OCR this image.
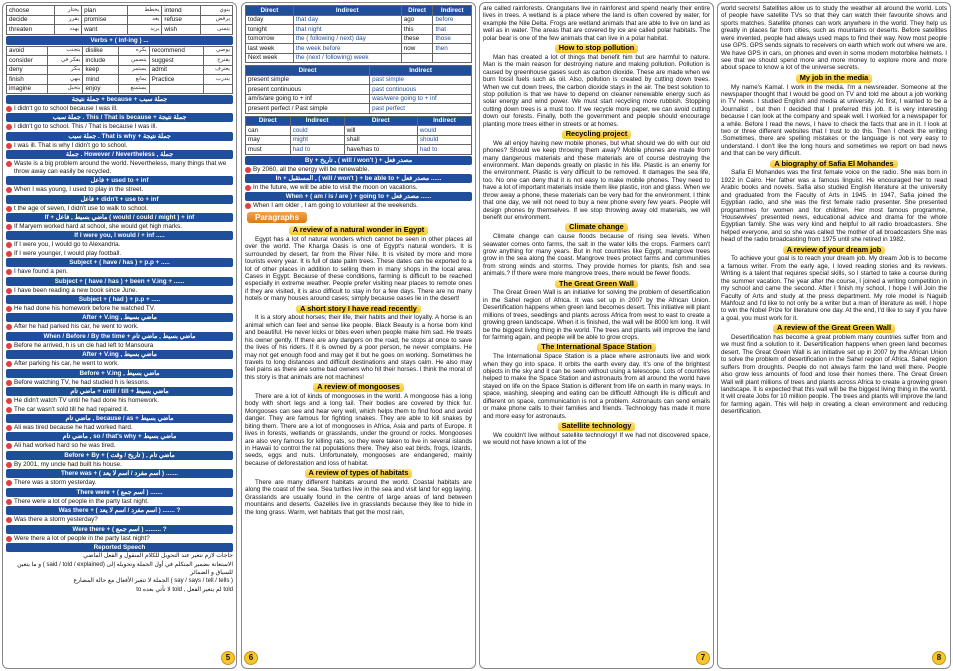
choose	يختار	plan	يخطط	intend	ينوي
decide	يقرر	promise	يعد	refuse	يرفض
threaten	يهدد	want	يريد	wish	يتمنى
Verbs + ( inf-ing ) ...
avoid	يتجنب	dislike	يكره	recommend	يوصي
consider	يفكر في	include	يتضمن	suggest	يقترح
deny	ينكر	keep	يستمر	admit	يعترف
finish	ينهي	mind	يمانع	Practice	يتدرب
imagine	يتخيل	enjoy	يستمتع		
جملة نتيجة + because + جملة سبب
I didn't go to school because I was ill.
جملة سبب . This / That is because + جملة نتيجة
I didn't go to school. This / That is because I was ill.
جملة سبب . That is why + جملة نتيجة
I was ill. That is why I didn't go to school.
جملة . However / Nevertheless , جملة
Waste is a big problem around the world. Nevertheless, many things that we throw away can easily be recycled.
فاعل + used to + inf
When I was young, I used to play in the street.
فاعل + didn't + use to + inf
t the age of seven, I didn't use to walk to school.
If + ماضي بسيط , فاعل ( would / could / might ) + inf
If Maryem worked hard at school, she would get high marks.
If I were you, I would / + inf .....
If I were you, I would go to Alexandria.
If I were younger, I would play football.
Subject + ( have / has ) + p.p + .....
I have found a pen.
Subject + ( have / has ) + been + V.ing + ......
I have been reading a new book since June.
Subject + ( had ) + p.p + .....
He had done his homework before he watched TV.
After + V.ing , ماضي بسيط
After he had parked his car, he went to work.
When / Before / By the time + ماضي بسيط , ماضي تام
Before he arrived, h is un cle had left to Mansoura
After + V.ing , ماضي بسيط
After parking his car, he went to work.
Before + V.ing , ماضي بسيط
Before watching TV, he had studied h is lessons.
ماضي تام + until / till + ماضي بسيط
He didn't watch TV until he had done his homework.
The car wasn't sold till he had repaired it.
ماضي تام , because / as + ماضي بسيط
Ali was tired because he had worked hard.
ماضي تام , so / that's why + ماضي بسيط
Ali had worked hard so he was tired.
Before + By + ( تاريخ / وقت ) , ماضي تام
By 2001, my uncle had built his house.
There was + ( اسم مفرد / اسم لا يعد ) .......
There was a storm yesterday.
There were + ( اسم جمع ) .......
There were a lot of people in the party last night.
Was there + ( اسم مفرد / اسم لا يعد ) ....... ?
Was there a storm yesterday?
Were there + ( اسم جمع ) ......... ?
Were there a lot of people in the party last night?
Reported Speech
حاجات لازم تتغير عند التحويل للكلام المنقول و الفعل الماضي
الاستعانة بضمير المتكلم في أول الجملة وتحويله إلى (said / told / explained ) و ما يتعين للسياق و الضمائر
( say / says / tell / tells ) الجملة لا تتغير الأفعال مع حالة المضارع
told لم يتغير الفعل , told لا تأتي بعده to
5
Direct	Indirect	Direct	Indirect
today	that day	ago	before
tonight	that night	this	that
tomorrow	the ( following / next) day	these	those
last week	the week before	now	then
Next week	the (next / following) week		
Direct	Indirect
present simple	past simple
present continuous	past continuous
am/is/are going to + inf	was/were going to + inf
present perfect / Past simple	past perfect
Direct	Indirect	Direct	Indirect
can	could	will	would
may	might	shall	should
must	had to	have/has to	had to
By + تاريخ , ( will / won't ) + مصدر فعل
By 2060, all the energy will be renewable.
In + المستقبل , ( will / won't ) + be able to + مصدر فعل ......
In the future, we will be able to visit the moon on vacations.
When + ( am / is / are ) + going to + مصدر فعل ......
When I am older , I am going to volunteer at the weekends.
Paragraphs
A review of a natural wonder in Egypt
Egypt has a lot of natural wonders which cannot be seen in other places all over the world. The Kharga Oasis is one of Egypt's natural wonders. It is surrounded by desert, far from the River Nile. It is visited by more and more tourists every year. It is full of date palm trees. These dates can be exported to a lot of other places in addition to selling them in many shops in the local area. Cases in Egypt. Because of these conditions, farming is difficult to be reached especially in extreme weather. People prefer visiting near places to remote ones if they are visited, it is also difficult to stay in for a few days. There are no many hotels or many houses around cases; simply because oases lie in the desert!
A short story I have read recently
It is a story about horses; their life, their habits and their loyalty. A horse is an animal which can feel and sense like people. Black Beauty is a horse born kind and beautiful. He never kicks or bites even when people make him sad. He treats his owner gently. If there are any dangers on the road, he stops at once to save the lives of his riders. If it is owned by a poor person, he never complains. He may not get enough food and may get it but he goes on working. Sometimes he travels to long distances and difficult destinations and stays calm. He also may feel pains as there are some bad owners who hit their horses. I think the moral of this story is that animals are not machines!
A review of mongooses
There are a lot of kinds of mongooses in the world. A mongoose has a long body with short legs and a long tail. Their bodies are covered by thick fur. Mongooses can see and hear very well, which helps them to find food and avoid danger. They are famous for fighting snakes. They are able to kill snakes by biting them. There are a lot of mongooses in Africa, Asia and parts of Europe. It lives in forests, wetlands or grasslands, under the ground or rocks. Mongooses are also very famous for killing rats, so they were taken to live in several islands in Hawaii to control the rat populations there. They also eat birds, frogs, lizards, seeds, eggs and nuts. Unfortunately, mongooses are endangered, mainly because of deforestation and loss of habitat.
A review of types of habitats
There are many different habitats around the world. Coastal habitats are along the coast of the sea. Sea turtles live in the sea and visit land for egg laying. Grasslands are usually found in the centre of large areas of land between mountains and deserts. Gazelles live in grasslands because they like to hide in the long grass. Warm, wet habitats that get the most rain,
6
are called rainforests. Orangutans live in rainforest and spend nearly their entire lives in trees. A wetland is a place where the land is often covered by water, for example the Nile Delta. Frogs are wetland animals that are able to live on land as well as in water. The areas that are covered by ice are called polar habitats. The polar bear is one of the few animals that can live in a polar habitat.
How to stop pollution
Man has created a lot of things that benefit him but are harmful to nature. Man is the main reason for destroying nature and making pollution. Pollution is caused by greenhouse gases such as carbon dioxide. These are made when we burn fossil fuels such as oil. Also, pollution is created by cutting down trees. When we cut down trees, the carbon dioxide stays in the air. The best solution to stop pollution is that we have to depend on cleaner renewable energy such as solar energy and wind power. We must start recycling more rubbish. Stopping cutting down trees is a must too. If we recycle more paper, we can avoid cutting down our forests. Finally, both the government and people should encourage planting more trees either in streets or at homes.
Recycling project
We all enjoy having new mobile phones, but what should we do with our old phones? Should we keep throwing them away? Mobile phones are made from many dangerous materials and these materials are of course destroying the environment. Man depends greatly on plastic in his life. Plastic is an enemy for the environment. Plastic is very difficult to be removed. It damages the sea life, too. No one can deny that it is not easy to make mobile phones. They need to have a lot of important materials inside them like plastic, iron and glass. When we throw away a phone, these materials can be very bad for the environment. I think that one day, we will not need to buy a new phone every few years. People will design phones by themselves. If we stop throwing away old materials, we will benefit our environment.
Climate change
Climate change can cause floods because of rising sea levels. When seawater comes onto farms, the salt in the water kills the crops. Farmers can't grow anything for many years. But in hot countries like Egypt, mangrove trees grow in the sea along the coast. Mangrove trees protect farms and communities from strong winds and storms. They provide homes for plants, fish and sea animals.? If there were more mangrove trees, there would be fewer floods.
The Great Green Wall
The Great Green Wall is an initiative for solving the problem of desertification in the Sahel region of Africa. It was set up in 2007 by the African Union. Desertification happens when green land becomes desert. This initiative will plant millions of trees, seedlings and plants across Africa from west to east to create a growing green landscape. When it is finished, the wall will be 8000 km long. It will be the biggest living thing in the world. The trees and plants will improve the land for farming again, and people will be able to grow crops.
The International Space Station
The International Space Station is a place where astronauts live and work when they go into space. It orbits the earth every day. It's one of the brightest objects in the sky and it can be seen without using a telescope. Lots of countries helped to make the Space Station and astronauts from all around the world have stayed on life on the Space Station is different from life on earth in many ways. In space, washing, sleeping and eating can be difficult! Although life is difficult and different on space, communication is not a problem. Astronauts can send emails or make phone calls to their families and friends. Technology has made it more and more easy for astronauts.
Satellite technology
We couldn't live without satellite technology! If we had not discovered space, we would not have known a lot of the
7
world secrets! Satellites allow us to study the weather all around the world. Lots of people have satellite TVs so that they can watch their favourite shows and sports matches. Satellite phones can work anywhere in the world. They help us greatly in places far from cities, such as mountains or deserts. Before satellites were invented, people had always used maps to find their way. Now most people use GPS. GPS sends signals to receivers on earth which work out where we are. We have GPS in cars, on phones and even in some modern motorbike helmets. I see that we should spend more and more money to explore more and more about space to know a lot of the universe secrets.
My job in the media
My name's Kamal. I work in the media. I'm a newsreader. Someone at the newspaper thought that I would be good on TV and told me about a job working in TV news. I studied English and media at university. At first, I wanted to be a Journalist , but then I decided that I preferred this job. It is very interesting because I can look at the company and speak well. I worked for a newspaper for a while. Before I read the news, I have to check the facts that are in it. I look at two or three different websites that I trust to do this. Then I check the writing .Sometimes, there are spelling mistakes or the language is not very easy to understand. I don't like the long hours and sometimes we report on bad news and that can be very difficult.
A biography of Safia El Mohandes
Safia El Mohandes was the first female voice on the radio. She was born in 1922 in Cairo. Her father was a famous linguist. He encouraged her to read Arabic books and novels. Safia also studied English literature at the university and graduated from the Faculty of Arts in 1945. In 1947, Safia joined the Egyptian radio, and she was the first female radio presenter. She presented programmes for women and for children. Her most famous programme, 'Housewives' presented news, educational advice and drama for the whole Egyptian family. She was very kind and helpful to all radio broadcasters. She helped everyone, and so she was called 'the mother of all broadcasters She was head of the radio broadcasting from 1975 until she retired in 1982.
A review of your dream job
To achieve your goal is to reach your dream job. My dream Job is to become a famous writer. From the early age, I loved reading stories and its reviews. Writing is a talent that requires special skills, so I started to take a course during the summer vacation. The year after the course, I joined a writing competition in my school and came the second. After I finish my school, I hope I will Join the Faculty of Arts and study at the press department. My role model is Naguib Mahfouz and I'd like to not only be a writer but a man of literature as well. I hope to win the Nobel Prize for literature one day. At the end, I'd like to say if you have a goal, you must work for it.
A review of the Great Green Wall
Desertification has become a great problem many countries suffer from and we must find a solution to it. Desertification happens when green land becomes desert. The Great Green Wall is an initiative set up in 2007 by the African Union to solve the problem of desertification in the Sahel region of Africa. Sahel region suffers from droughts. People do not always farm the land well there. People also grow less amounts of food and lose their homes there. The Great Green Wall will plant millions of trees and plants across Africa to create a growing green landscape. It is expected that this wall will be the biggest living thing in the world. It will create Jobs for 10 million people. The trees and plants will improve the land for farming again. This will help in creating a clean environment and reducing desertification.
8
